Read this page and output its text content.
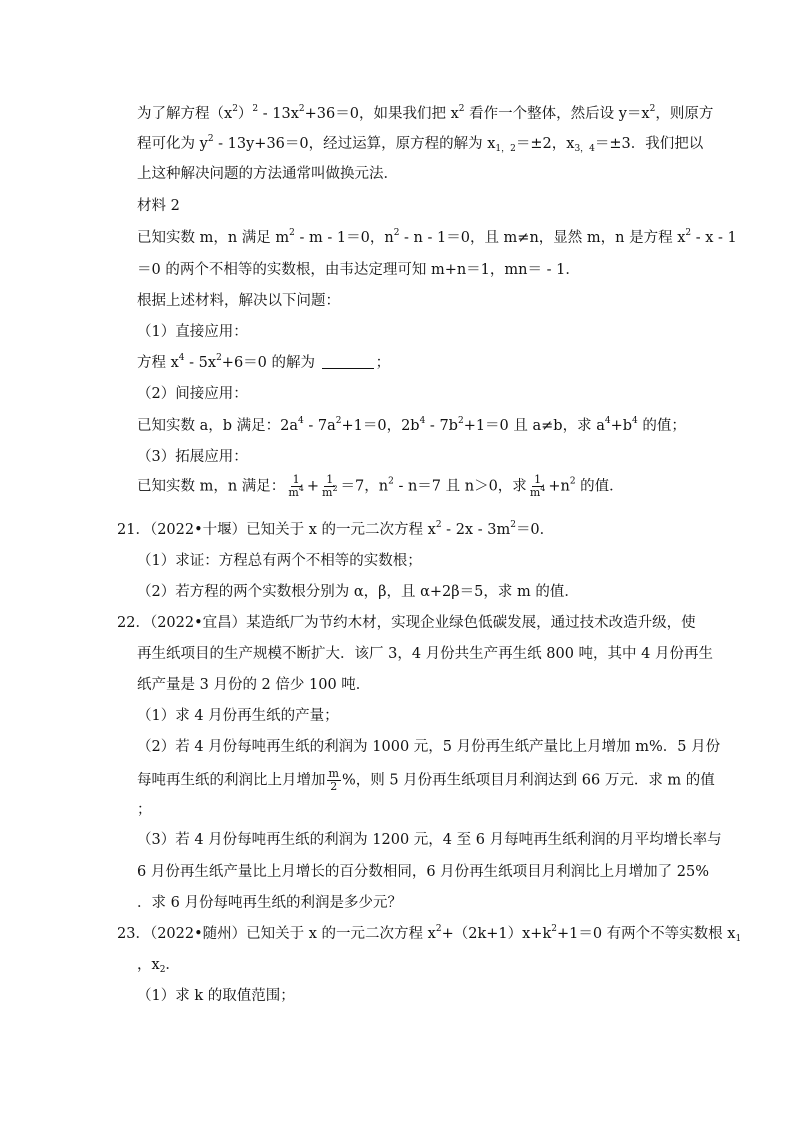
为了解方程$(x^2)^2 - 13x^2+36=0$，如果我们把 $x^2$ 看作一个整体，然后设 $y=x^2$，则原方
程可化为 $y^2 - 13y+36=0$，经过运算，原方程的解为 $x_{1,2}=\pm 2$，$x_{3,4}=\pm 3$．我们把以
上这种解决问题的方法通常叫做换元法．
材料 2
已知实数 m，n 满足 $m^2 - m - 1=0$，$n^2 - n - 1=0$，且 m≠n，显然 m，n 是方程 $x^2$ - x - 1
＝0 的两个不相等的实数根，由韦达定理可知 m+n＝1，mn＝ - 1．
根据上述材料，解决以下问题：
（1）直接应用：
方程 $x^4 - 5x^2+6=0$ 的解为	；
（2）间接应用：
已知实数 a，b 满足：$2a^4 - 7a^2+1=0$，$2b^4 - 7b^2+1=0$ 且 a≠b，求 $a^4+b^4$ 的值；
（3）拓展应用：
已知实数 m，n 满足： $\frac{1}{m^4} + \frac{1}{m^2} =7$，$n^2 - n=7$ 且 n＞0，求 $\frac{1}{m^4} +n^2$ 的值．
21．（2022•十堰）已知关于 x 的一元二次方程 $x^2 - 2x - 3m^2=0$．
（1）求证：方程总有两个不相等的实数根；
（2）若方程的两个实数根分别为 α，β，且 α+2β＝5，求 m 的值．
22．（2022•宜昌）某造纸厂为节约木材，实现企业绿色低碳发展，通过技术改造升级，使
再生纸项目的生产规模不断扩大．该厂 3，4 月份共生产再生纸 800 吨，其中 4 月份再生
纸产量是 3 月份的 2 倍少 100 吨．
（1）求 4 月份再生纸的产量；
（2）若 4 月份每吨再生纸的利润为 1000 元，5 月份再生纸产量比上月增加 m%．5 月份
每吨再生纸的利润比上月增加 $\frac{m}{2}$ %，则 5 月份再生纸项目月利润达到 66 万元．求 m 的值
；
（3）若 4 月份每吨再生纸的利润为 1200 元，4 至 6 月每吨再生纸利润的月平均增长率与
6 月份再生纸产量比上月增长的百分数相同，6 月份再生纸项目月利润比上月增加了 25%
．求 6 月份每吨再生纸的利润是多少元？
23．（2022•随州）已知关于 x 的一元二次方程 $x^2+(2k+1)x+k^2+1=0$ 有两个不等实数根 $x_1$
，$x_2$．
（1）求 k 的取值范围；
